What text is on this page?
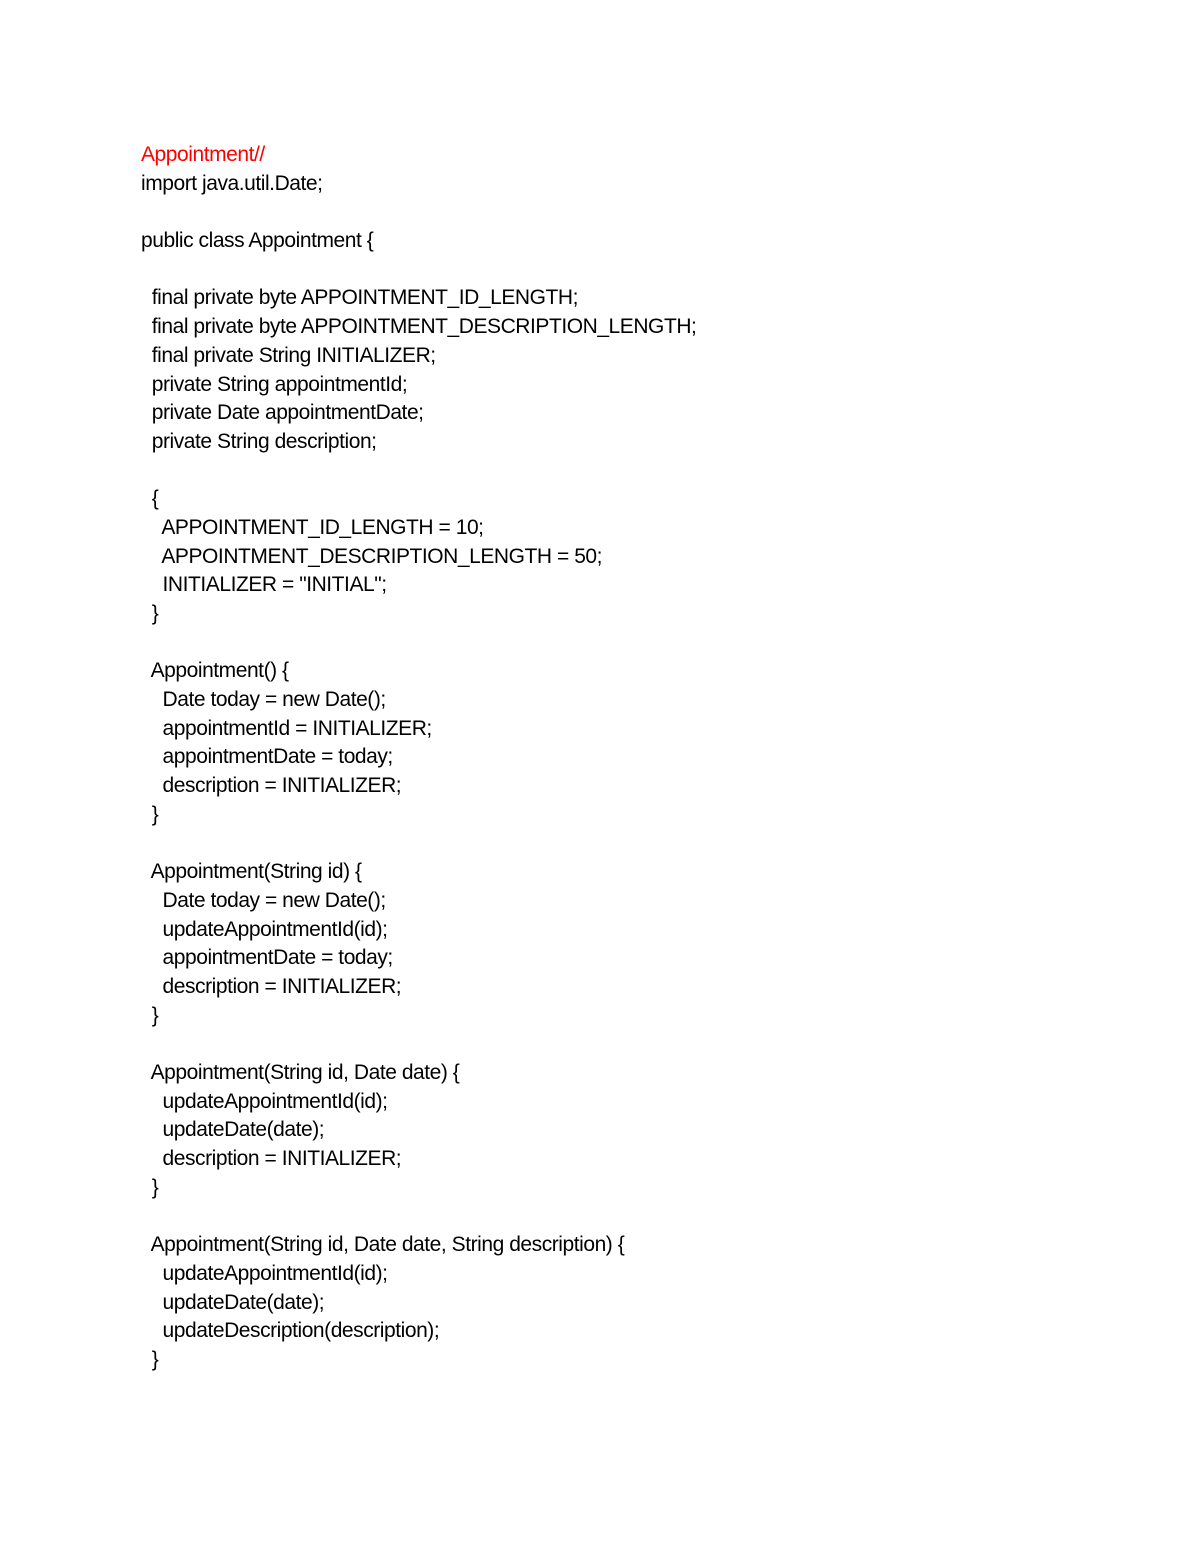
Appointment//
import java.util.Date;
public class Appointment {
final private byte APPOINTMENT_ID_LENGTH;
final private byte APPOINTMENT_DESCRIPTION_LENGTH;
final private String INITIALIZER;
private String appointmentId;
private Date appointmentDate;
private String description;
{
APPOINTMENT_ID_LENGTH = 10;
APPOINTMENT_DESCRIPTION_LENGTH = 50;
INITIALIZER = "INITIAL";
}
Appointment() {
Date today = new Date();
appointmentId = INITIALIZER;
appointmentDate = today;
description = INITIALIZER;
}
Appointment(String id) {
Date today = new Date();
updateAppointmentId(id);
appointmentDate = today;
description = INITIALIZER;
}
Appointment(String id, Date date) {
updateAppointmentId(id);
updateDate(date);
description = INITIALIZER;
}
Appointment(String id, Date date, String description) {
updateAppointmentId(id);
updateDate(date);
updateDescription(description);
}
